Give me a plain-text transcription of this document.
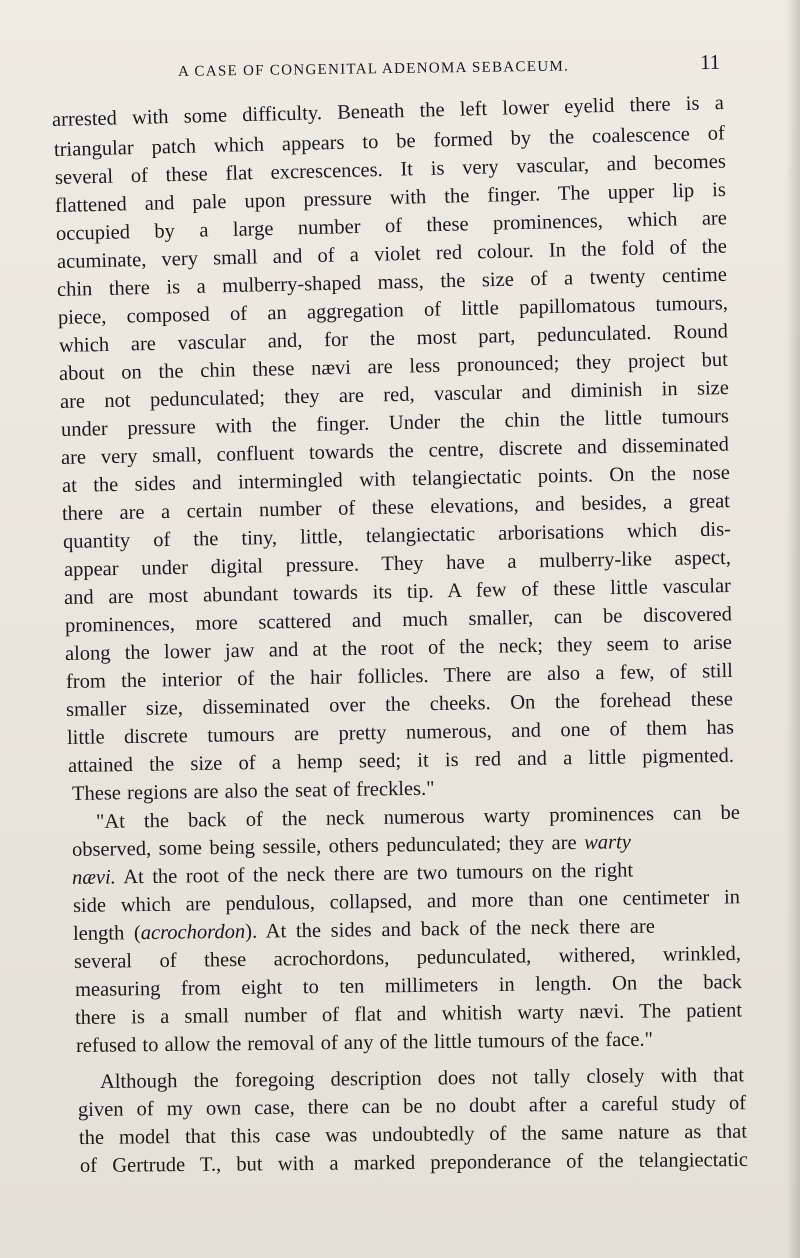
A CASE OF CONGENITAL ADENOMA SEBACEUM.	11
arrested with some difficulty. Beneath the left lower eyelid there is a
triangular patch which appears to be formed by the coalescence of
several of these flat excrescences. It is very vascular, and becomes
flattened and pale upon pressure with the finger. The upper lip is
occupied by a large number of these prominences, which are
acuminate, very small and of a violet red colour. In the fold of the
chin there is a mulberry-shaped mass, the size of a twenty centime
piece, composed of an aggregation of little papillomatous tumours,
which are vascular and, for the most part, pedunculated. Round
about on the chin these nævi are less pronounced; they project but
are not pedunculated; they are red, vascular and diminish in size
under pressure with the finger. Under the chin the little tumours
are very small, confluent towards the centre, discrete and disseminated
at the sides and intermingled with telangiectatic points. On the nose
there are a certain number of these elevations, and besides, a great
quantity of the tiny, little, telangiectatic arborisations which dis-
appear under digital pressure. They have a mulberry-like aspect,
and are most abundant towards its tip. A few of these little vascular
prominences, more scattered and much smaller, can be discovered
along the lower jaw and at the root of the neck; they seem to arise
from the interior of the hair follicles. There are also a few, of still
smaller size, disseminated over the cheeks. On the forehead these
little discrete tumours are pretty numerous, and one of them has
attained the size of a hemp seed; it is red and a little pigmented.
These regions are also the seat of freckles."
"At the back of the neck numerous warty prominences can be
observed, some being sessile, others pedunculated; they are warty
nævi. At the root of the neck there are two tumours on the right
side which are pendulous, collapsed, and more than one centimeter in
length (acrochordon). At the sides and back of the neck there are
several of these acrochordons, pedunculated, withered, wrinkled,
measuring from eight to ten millimeters in length. On the back
there is a small number of flat and whitish warty nævi. The patient
refused to allow the removal of any of the little tumours of the face."
Although the foregoing description does not tally closely with that
given of my own case, there can be no doubt after a careful study of
the model that this case was undoubtedly of the same nature as that
of Gertrude T., but with a marked preponderance of the telangiectatic
